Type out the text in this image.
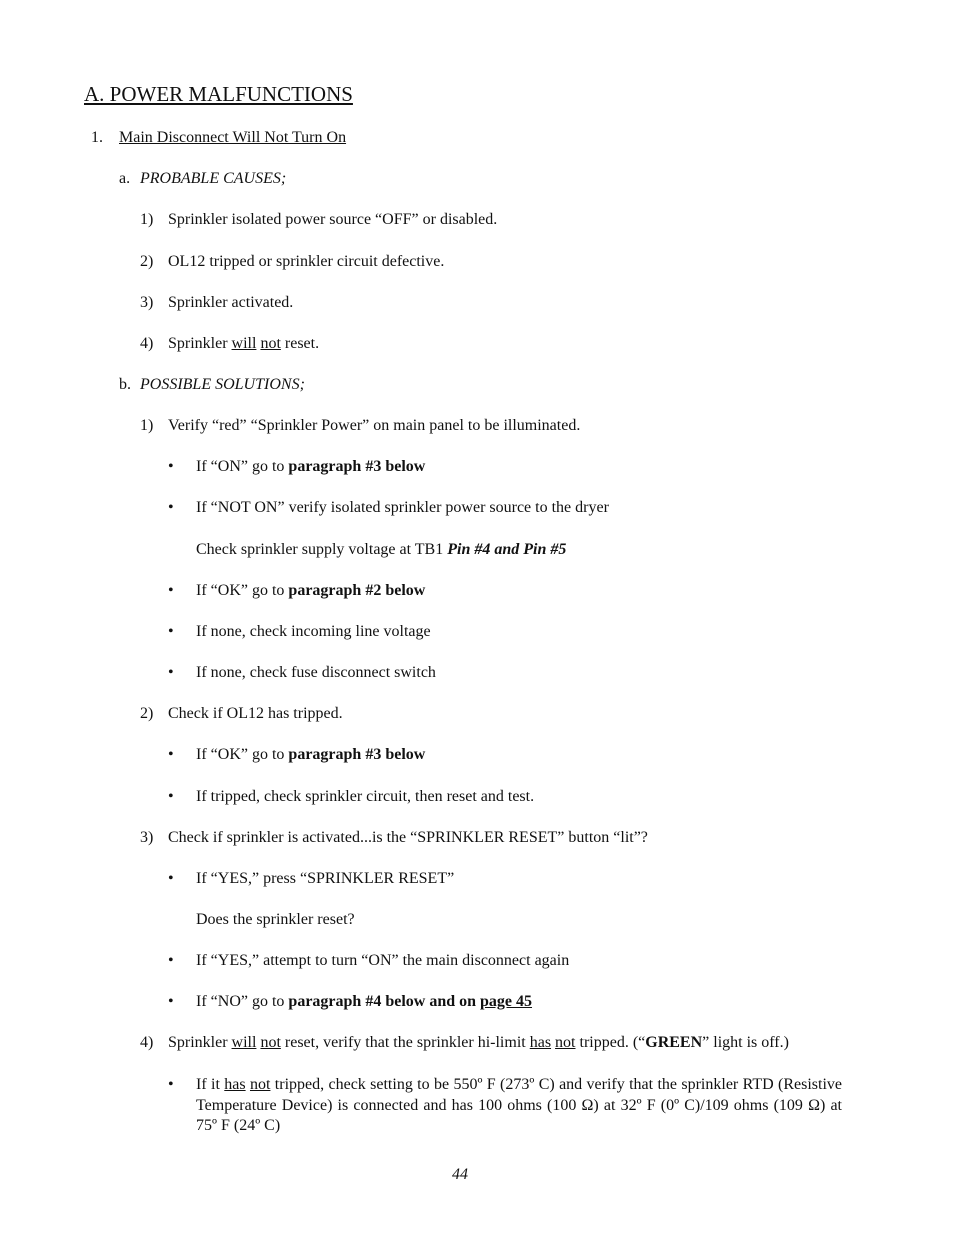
A. POWER MALFUNCTIONS
1. Main Disconnect Will Not Turn On
a. PROBABLE CAUSES;
1) Sprinkler isolated power source “OFF” or disabled.
2) OL12 tripped or sprinkler circuit defective.
3) Sprinkler activated.
4) Sprinkler will not reset.
b. POSSIBLE SOLUTIONS;
1) Verify “red” “Sprinkler Power” on main panel to be illuminated.
• If “ON” go to paragraph #3 below
• If “NOT ON” verify isolated sprinkler power source to the dryer
Check sprinkler supply voltage at TB1 Pin #4 and Pin #5
• If “OK” go to paragraph #2 below
• If none, check incoming line voltage
• If none, check fuse disconnect switch
2) Check if OL12 has tripped.
• If “OK” go to paragraph #3 below
• If tripped, check sprinkler circuit, then reset and test.
3) Check if sprinkler is activated...is the “SPRINKLER RESET” button “lit”?
• If “YES,” press “SPRINKLER RESET”
Does the sprinkler reset?
• If “YES,” attempt to turn “ON” the main disconnect again
• If “NO” go to paragraph #4 below and on page 45
4) Sprinkler will not reset, verify that the sprinkler hi-limit has not tripped. (“GREEN” light is off.)
• If it has not tripped, check setting to be 550º F (273º C) and verify that the sprinkler RTD (Resistive Temperature Device) is connected and has 100 ohms (100 Ω) at 32º F (0º C)/109 ohms (109 Ω) at 75º F (24º C)
44
